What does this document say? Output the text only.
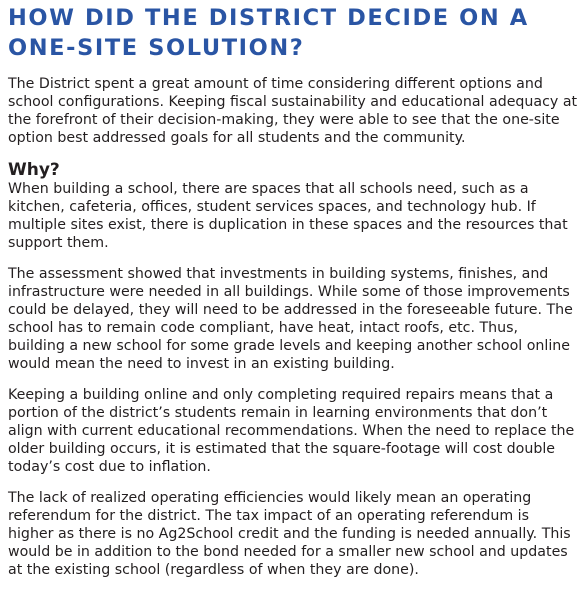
HOW DID THE DISTRICT DECIDE ON A ONE-SITE SOLUTION?

The District spent a great amount of time considering different options and school configurations. Keeping fiscal sustainability and educational adequacy at the forefront of their decision-making, they were able to see that the one-site option best addressed goals for all students and the community.

Why?

When building a school, there are spaces that all schools need, such as a kitchen, cafeteria, offices, student services spaces, and technology hub. If multiple sites exist, there is duplication in these spaces and the resources that support them.

The assessment showed that investments in building systems, finishes, and infrastructure were needed in all buildings. While some of those improvements could be delayed, they will need to be addressed in the foreseeable future. The school has to remain code compliant, have heat, intact roofs, etc. Thus, building a new school for some grade levels and keeping another school online would mean the need to invest in an existing building.

Keeping a building online and only completing required repairs means that a portion of the district’s students remain in learning environments that don’t align with current educational recommendations. When the need to replace the older building occurs, it is estimated that the square-footage will cost double today’s cost due to inflation.

The lack of realized operating efficiencies would likely mean an operating referendum for the district. The tax impact of an operating referendum is higher as there is no Ag2School credit and the funding is needed annually. This would be in addition to the bond needed for a smaller new school and updates at the existing school (regardless of when they are done).
